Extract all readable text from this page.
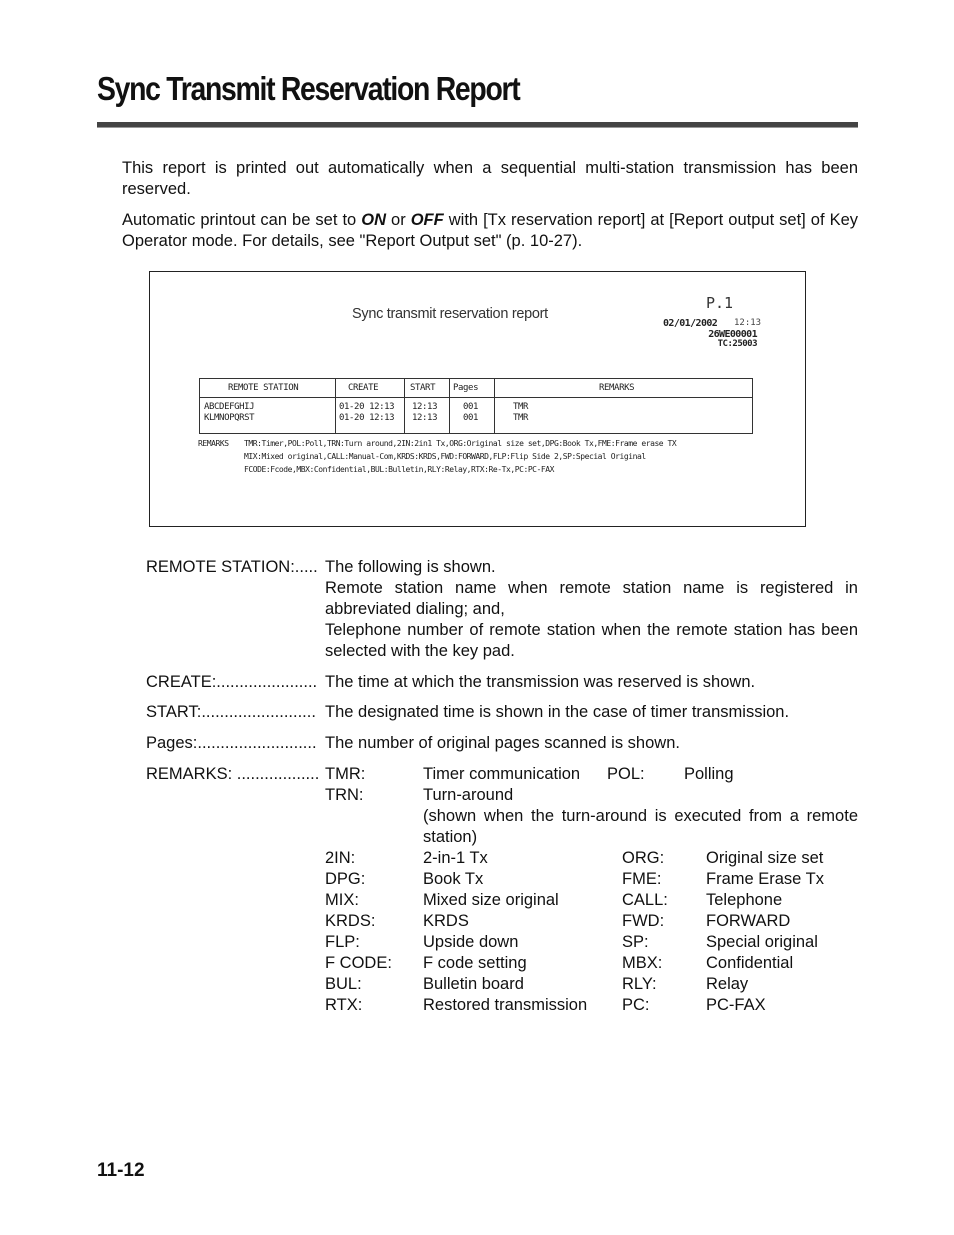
Sync Transmit Reservation Report
This report is printed out automatically when a sequential multi-station transmission has been reserved.
Automatic printout can be set to ON or OFF with [Tx reservation report] at [Report output set] of Key Operator mode. For details, see "Report Output set" (p. 10-27).
Sync transmit reservation report
P.1
02/01/2002 12:13
26WE00001
TC:25003
REMOTE STATION	CREATE	START Pages	REMARKS
ABCDEFGHIJ	01-20 12:13 12:13	001	TMR
KLMNOPQRST	01-20 12:13 12:13	001	TMR
REMARKS TMR:Timer,POL:Poll,TRN:Turn around,2IN:2in1 Tx,ORG:Original size set,DPG:Book Tx,FME:Frame erase TX
MIX:Mixed original,CALL:Manual-Com,KRDS:KRDS,FWD:FORWARD,FLP:Flip Side 2,SP:Special Original
FCODE:Fcode,MBX:Confidential,BUL:Bulletin,RLY:Relay,RTX:Re-Tx,PC:PC-FAX
REMOTE STATION:..... The following is shown.
Remote station name when remote station name is registered in abbreviated dialing; and,
Telephone number of remote station when the remote station has been selected with the key pad.
CREATE:...................... The time at which the transmission was reserved is shown.
START:......................... The designated time is shown in the case of timer transmission.
Pages:.......................... The number of original pages scanned is shown.
REMARKS: .................. TMR:	Timer communication POL: Polling
TRN:	Turn-around
(shown when the turn-around is executed from a remote station)
2IN:	2-in-1 Tx	ORG:	Original size set
DPG:	Book Tx	FME:	Frame Erase Tx
MIX:	Mixed size original	CALL: Telephone
KRDS:	KRDS	FWD:	FORWARD
FLP:	Upside down	SP:	Special original
F CODE: F code setting	MBX:	Confidential
BUL:	Bulletin board	RLY:	Relay
RTX:	Restored transmission PC:	PC-FAX
11-12
